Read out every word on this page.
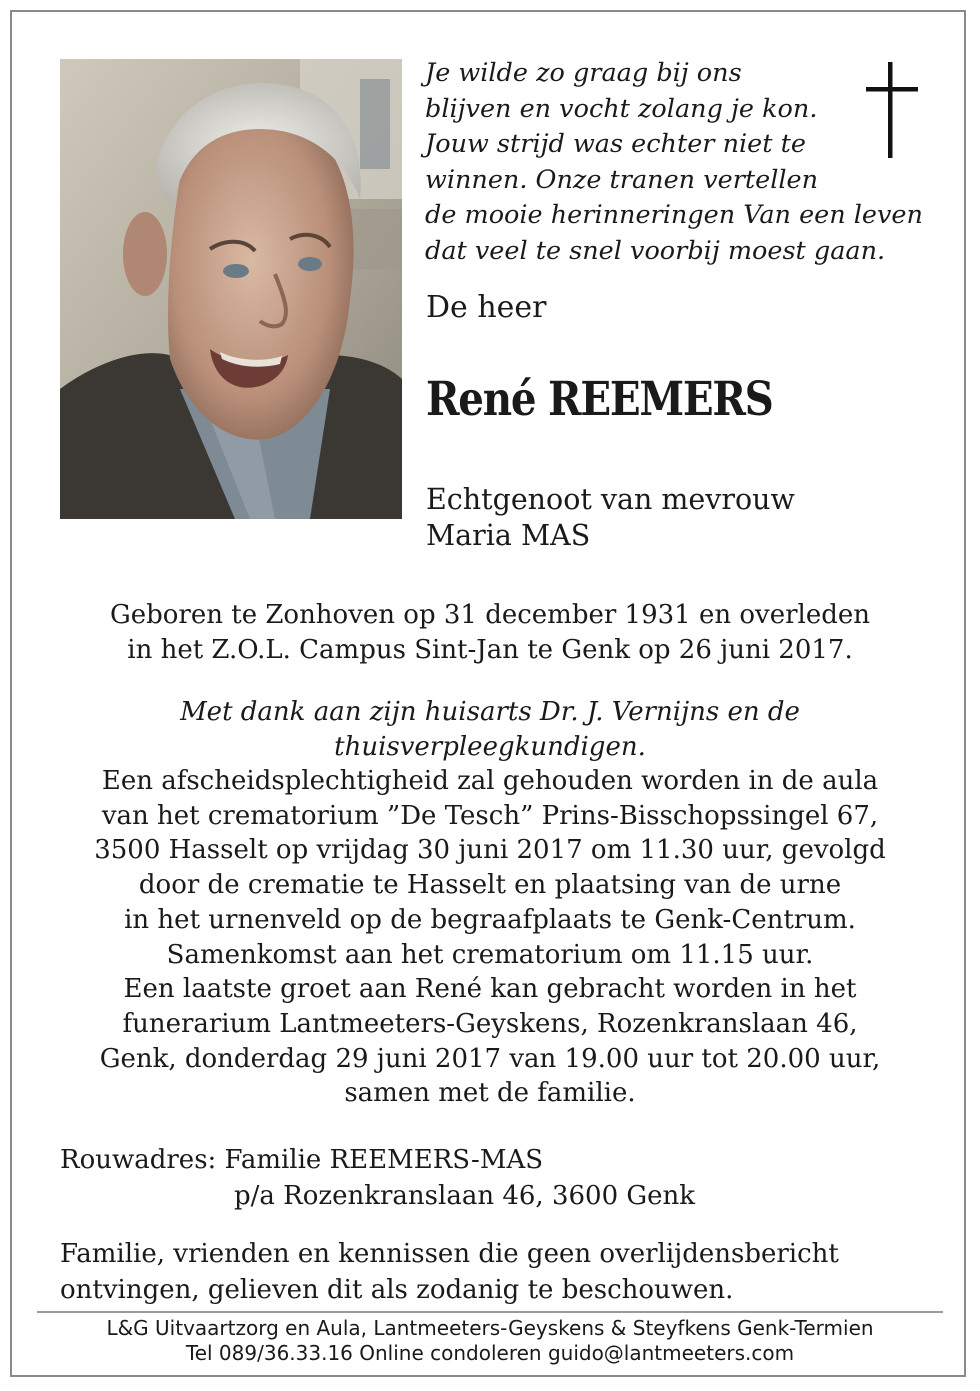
Je wilde zo graag bij ons
blijven en vocht zolang je kon.
Jouw strijd was echter niet te
winnen. Onze tranen vertellen
de mooie herinneringen Van een leven
dat veel te snel voorbij moest gaan.
De heer
René REEMERS
Echtgenoot van mevrouw
Maria MAS
Geboren te Zonhoven op 31 december 1931 en overleden
in het Z.O.L. Campus Sint-Jan te Genk op 26 juni 2017.
Met dank aan zijn huisarts Dr. J. Vernijns en de
thuisverpleegkundigen.
Een afscheidsplechtigheid zal gehouden worden in de aula
van het crematorium ”De Tesch” Prins-Bisschopssingel 67,
3500 Hasselt op vrijdag 30 juni 2017 om 11.30 uur, gevolgd
door de crematie te Hasselt en plaatsing van de urne
in het urnenveld op de begraafplaats te Genk-Centrum.
Samenkomst aan het crematorium om 11.15 uur.
Een laatste groet aan René kan gebracht worden in het
funerarium Lantmeeters-Geyskens, Rozenkranslaan 46,
Genk, donderdag 29 juni 2017 van 19.00 uur tot 20.00 uur,
samen met de familie.
Rouwadres: Familie REEMERS-MAS
p/a Rozenkranslaan 46, 3600 Genk
Familie, vrienden en kennissen die geen overlijdensbericht
ontvingen, gelieven dit als zodanig te beschouwen.
L&G Uitvaartzorg en Aula, Lantmeeters-Geyskens & Steyfkens Genk-Termien
Tel 089/36.33.16 Online condoleren guido@lantmeeters.com
